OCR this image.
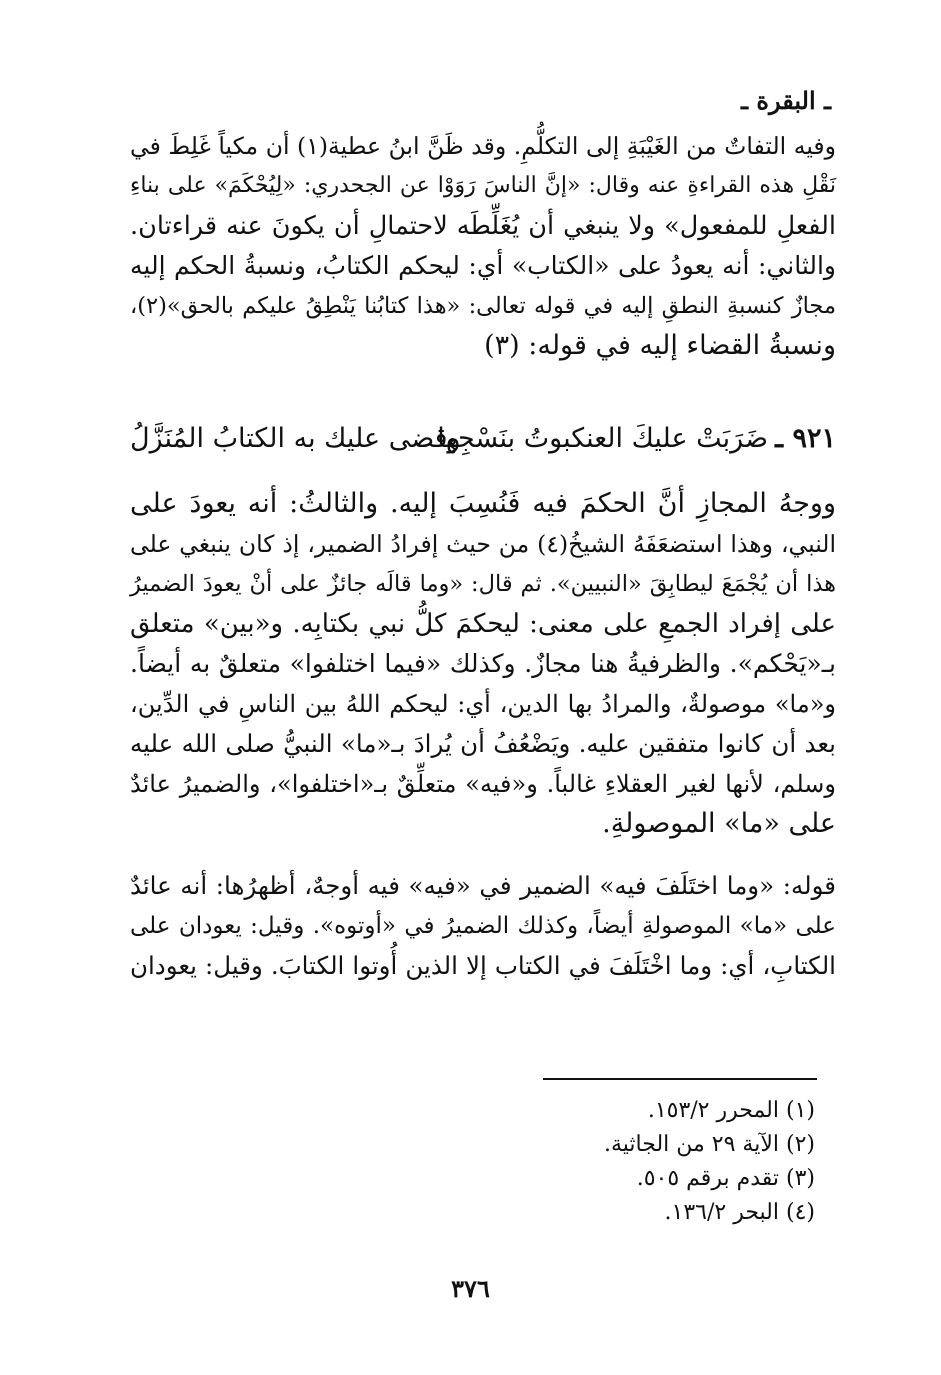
ـ البقرة ـ
وفيه التفاتٌ من الغَيْبَةِ إلى التكلُّمِ. وقد ظَنَّ ابنُ عطية(١) أن مكياً غَلِطَ في
نَقْلِ هذه القراءةِ عنه وقال: «إنَّ الناسَ رَوَوْا عن الجحدري: «لِيُحْكَمَ» على بناءِ
الفعلِ للمفعول» ولا ينبغي أن يُغَلِّطَه لاحتمالِ أن يكونَ عنه قراءتان.
والثاني: أنه يعودُ على «الكتاب» أي: ليحكم الكتابُ، ونسبةُ الحكم إليه
مجازٌ كنسبةِ النطقِ إليه في قوله تعالى: «هذا كتابُنا يَنْطِقُ عليكم بالحق»(٢)،
ونسبةُ القضاء إليه في قوله: (٣)
٩٢١ ـ
ضَرَبَتْ عليكَ العنكبوتُ بنَسْجِها
وقضى عليك به الكتابُ المُنَزَّلُ
ووجهُ المجازِ أنَّ الحكمَ فيه فَنُسِبَ إليه. والثالثُ: أنه يعودَ على
النبي، وهذا استضعَفَهُ الشيخُ(٤) من حيث إفرادُ الضمير، إذ كان ينبغي على
هذا أن يُجْمَعَ ليطابِقَ «النبيين». ثم قال: «وما قالَه جائزٌ على أنْ يعودَ الضميرُ
على إفراد الجمعِ على معنى: ليحكمَ كلُّ نبي بكتابِه. و«بين» متعلق
بـ«يَحْكم». والظرفيةُ هنا مجازٌ. وكذلك «فيما اختلفوا» متعلقٌ به أيضاً.
و«ما» موصولةٌ، والمرادُ بها الدين، أي: ليحكم اللهُ بين الناسِ في الدِّين،
بعد أن كانوا متفقين عليه. ويَضْعُفُ أن يُرادَ بـ«ما» النبيُّ صلى الله عليه
وسلم، لأنها لغير العقلاءِ غالباً. و«فيه» متعلِّقٌ بـ«اختلفوا»، والضميرُ عائدٌ
على «ما» الموصولةِ.
قوله: «وما اختَلَفَ فيه» الضمير في «فيه» فيه أوجهٌ، أظهرُها: أنه عائدٌ
على «ما» الموصولةِ أيضاً، وكذلك الضميرُ في «أوتوه». وقيل: يعودان على
الكتابِ، أي: وما اخْتَلَفَ في الكتاب إلا الذين أُوتوا الكتابَ. وقيل: يعودان
(١) المحرر ١٥٣/٢.
(٢) الآية ٢٩ من الجاثية.
(٣) تقدم برقم ٥٠٥.
(٤) البحر ١٣٦/٢.
٣٧٦
